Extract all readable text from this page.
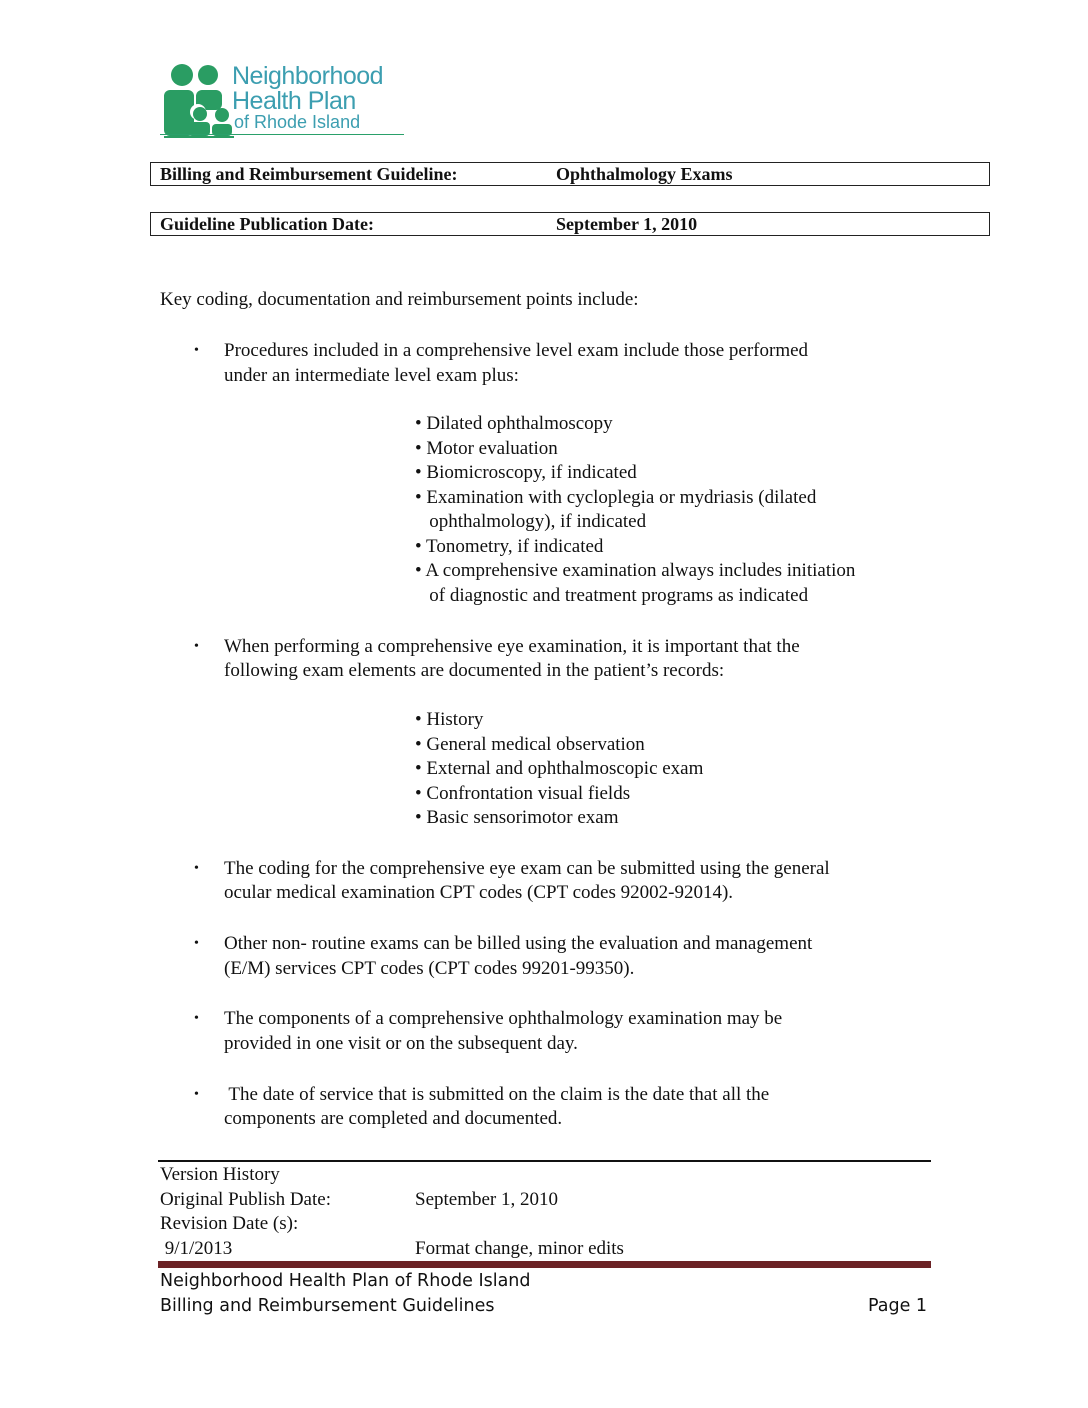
Neighborhood
Health Plan
of Rhode Island
Billing and Reimbursement Guideline:	Ophthalmology Exams
Guideline Publication Date:	September 1, 2010

Key coding, documentation and reimbursement points include:

• Procedures included in a comprehensive level exam include those performed

under an intermediate level exam plus:

• Dilated ophthalmoscopy
• Motor evaluation
• Biomicroscopy, if indicated
• Examination with cycloplegia or mydriasis (dilated
ophthalmology), if indicated
• Tonometry, if indicated
• A comprehensive examination always includes initiation
of diagnostic and treatment programs as indicated
• When performing a comprehensive eye examination, it is important that the

following exam elements are documented in the patient’s records:

• History
• General medical observation
• External and ophthalmoscopic exam
• Confrontation visual fields
• Basic sensorimotor exam
• The coding for the comprehensive eye exam can be submitted using the general

ocular medical examination CPT codes (CPT codes 92002-92014).

• Other non- routine exams can be billed using the evaluation and management

(E/M) services CPT codes (CPT codes 99201-99350).

• The components of a comprehensive ophthalmology examination may be

provided in one visit or on the subsequent day.

• The date of service that is submitted on the claim is the date that all the

components are completed and documented.

Version History
Original Publish Date:	September 1, 2010
Revision Date (s):
9/1/2013	Format change, minor edits
Neighborhood Health Plan of Rhode Island
Billing and Reimbursement Guidelines	Page 1
